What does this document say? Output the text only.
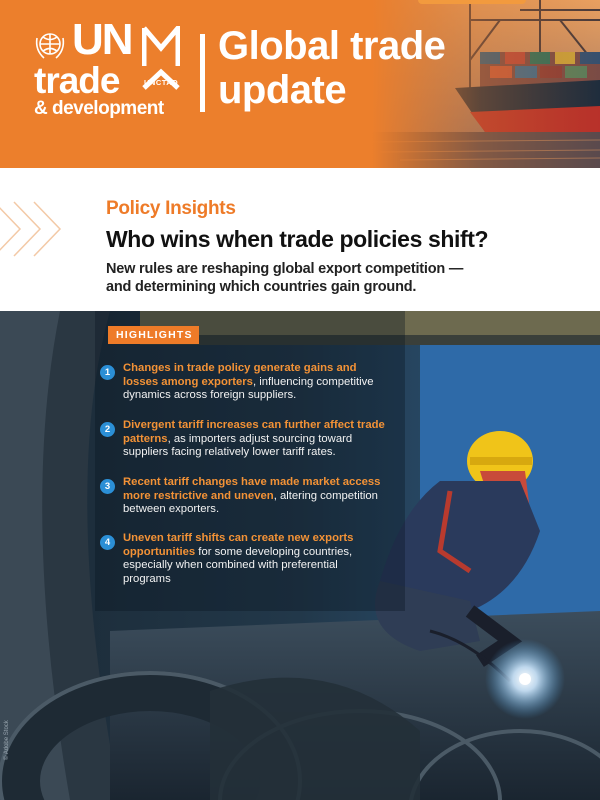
UN
trade
& development
UNCTAD
Global trade
update
Policy Insights
Who wins when trade policies shift?
New rules are reshaping global export competition —
and determining which countries gain ground.
© Adobe Stock
HIGHLIGHTS
1	Changes in trade policy generate gains and losses among exporters, influencing competitive dynamics across foreign suppliers.
2	Divergent tariff increases can further affect trade patterns, as importers adjust sourcing toward suppliers facing relatively lower tariff rates.
3	Recent tariff changes have made market access more restrictive and uneven, altering competition between exporters.
4	Uneven tariff shifts can create new exports opportunities for some developing countries, especially when combined with preferential programs
